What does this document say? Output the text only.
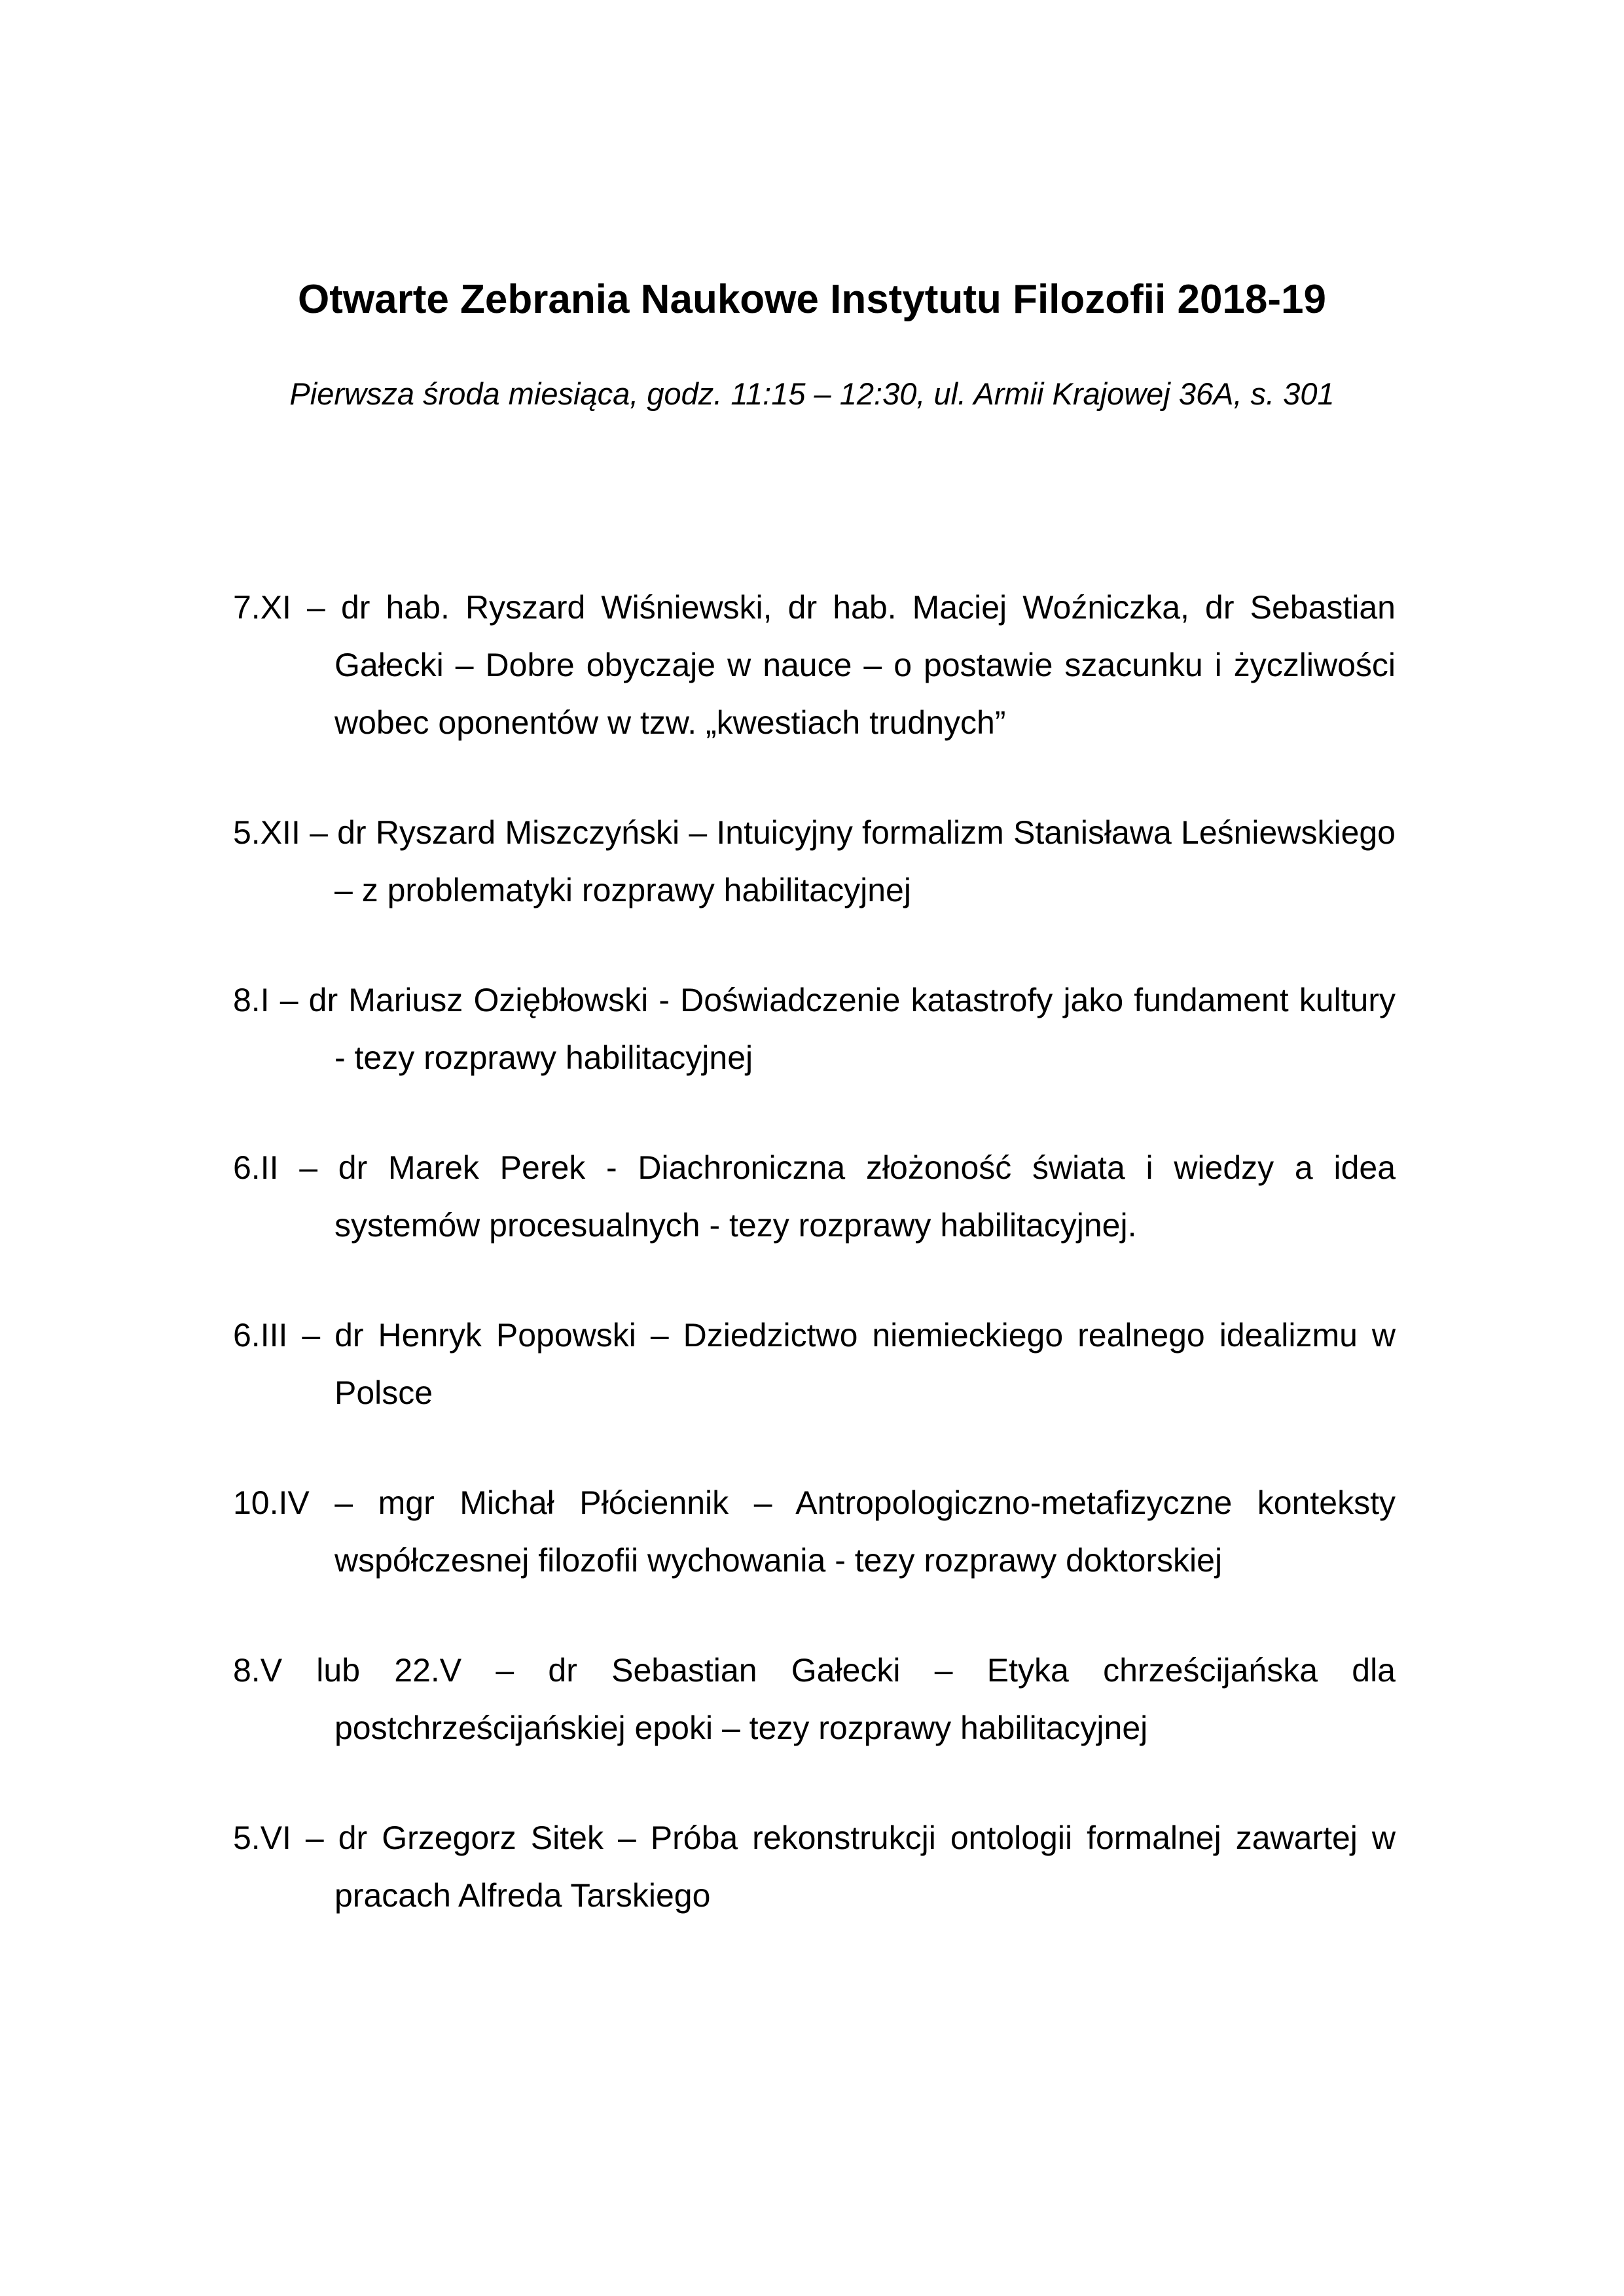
Otwarte Zebrania Naukowe Instytutu Filozofii 2018-19
Pierwsza środa miesiąca, godz. 11:15 – 12:30, ul. Armii Krajowej 36A, s. 301
7.XI – dr hab. Ryszard Wiśniewski, dr hab. Maciej Woźniczka, dr Sebastian Gałecki – Dobre obyczaje w nauce – o postawie szacunku i życzliwości wobec oponentów w tzw. „kwestiach trudnych”
5.XII – dr Ryszard Miszczyński – Intuicyjny formalizm Stanisława Leśniewskiego – z problematyki rozprawy habilitacyjnej
8.I – dr Mariusz Oziębłowski - Doświadczenie katastrofy jako fundament kultury - tezy rozprawy habilitacyjnej
6.II – dr Marek Perek - Diachroniczna złożoność świata i wiedzy a idea systemów procesualnych - tezy rozprawy habilitacyjnej.
6.III – dr Henryk Popowski – Dziedzictwo niemieckiego realnego idealizmu w Polsce
10.IV – mgr Michał Płóciennik – Antropologiczno-metafizyczne konteksty współczesnej filozofii wychowania - tezy rozprawy doktorskiej
8.V lub 22.V – dr Sebastian Gałecki – Etyka chrześcijańska dla postchrześcijańskiej epoki – tezy rozprawy habilitacyjnej
5.VI – dr Grzegorz Sitek – Próba rekonstrukcji ontologii formalnej zawartej w pracach Alfreda Tarskiego
